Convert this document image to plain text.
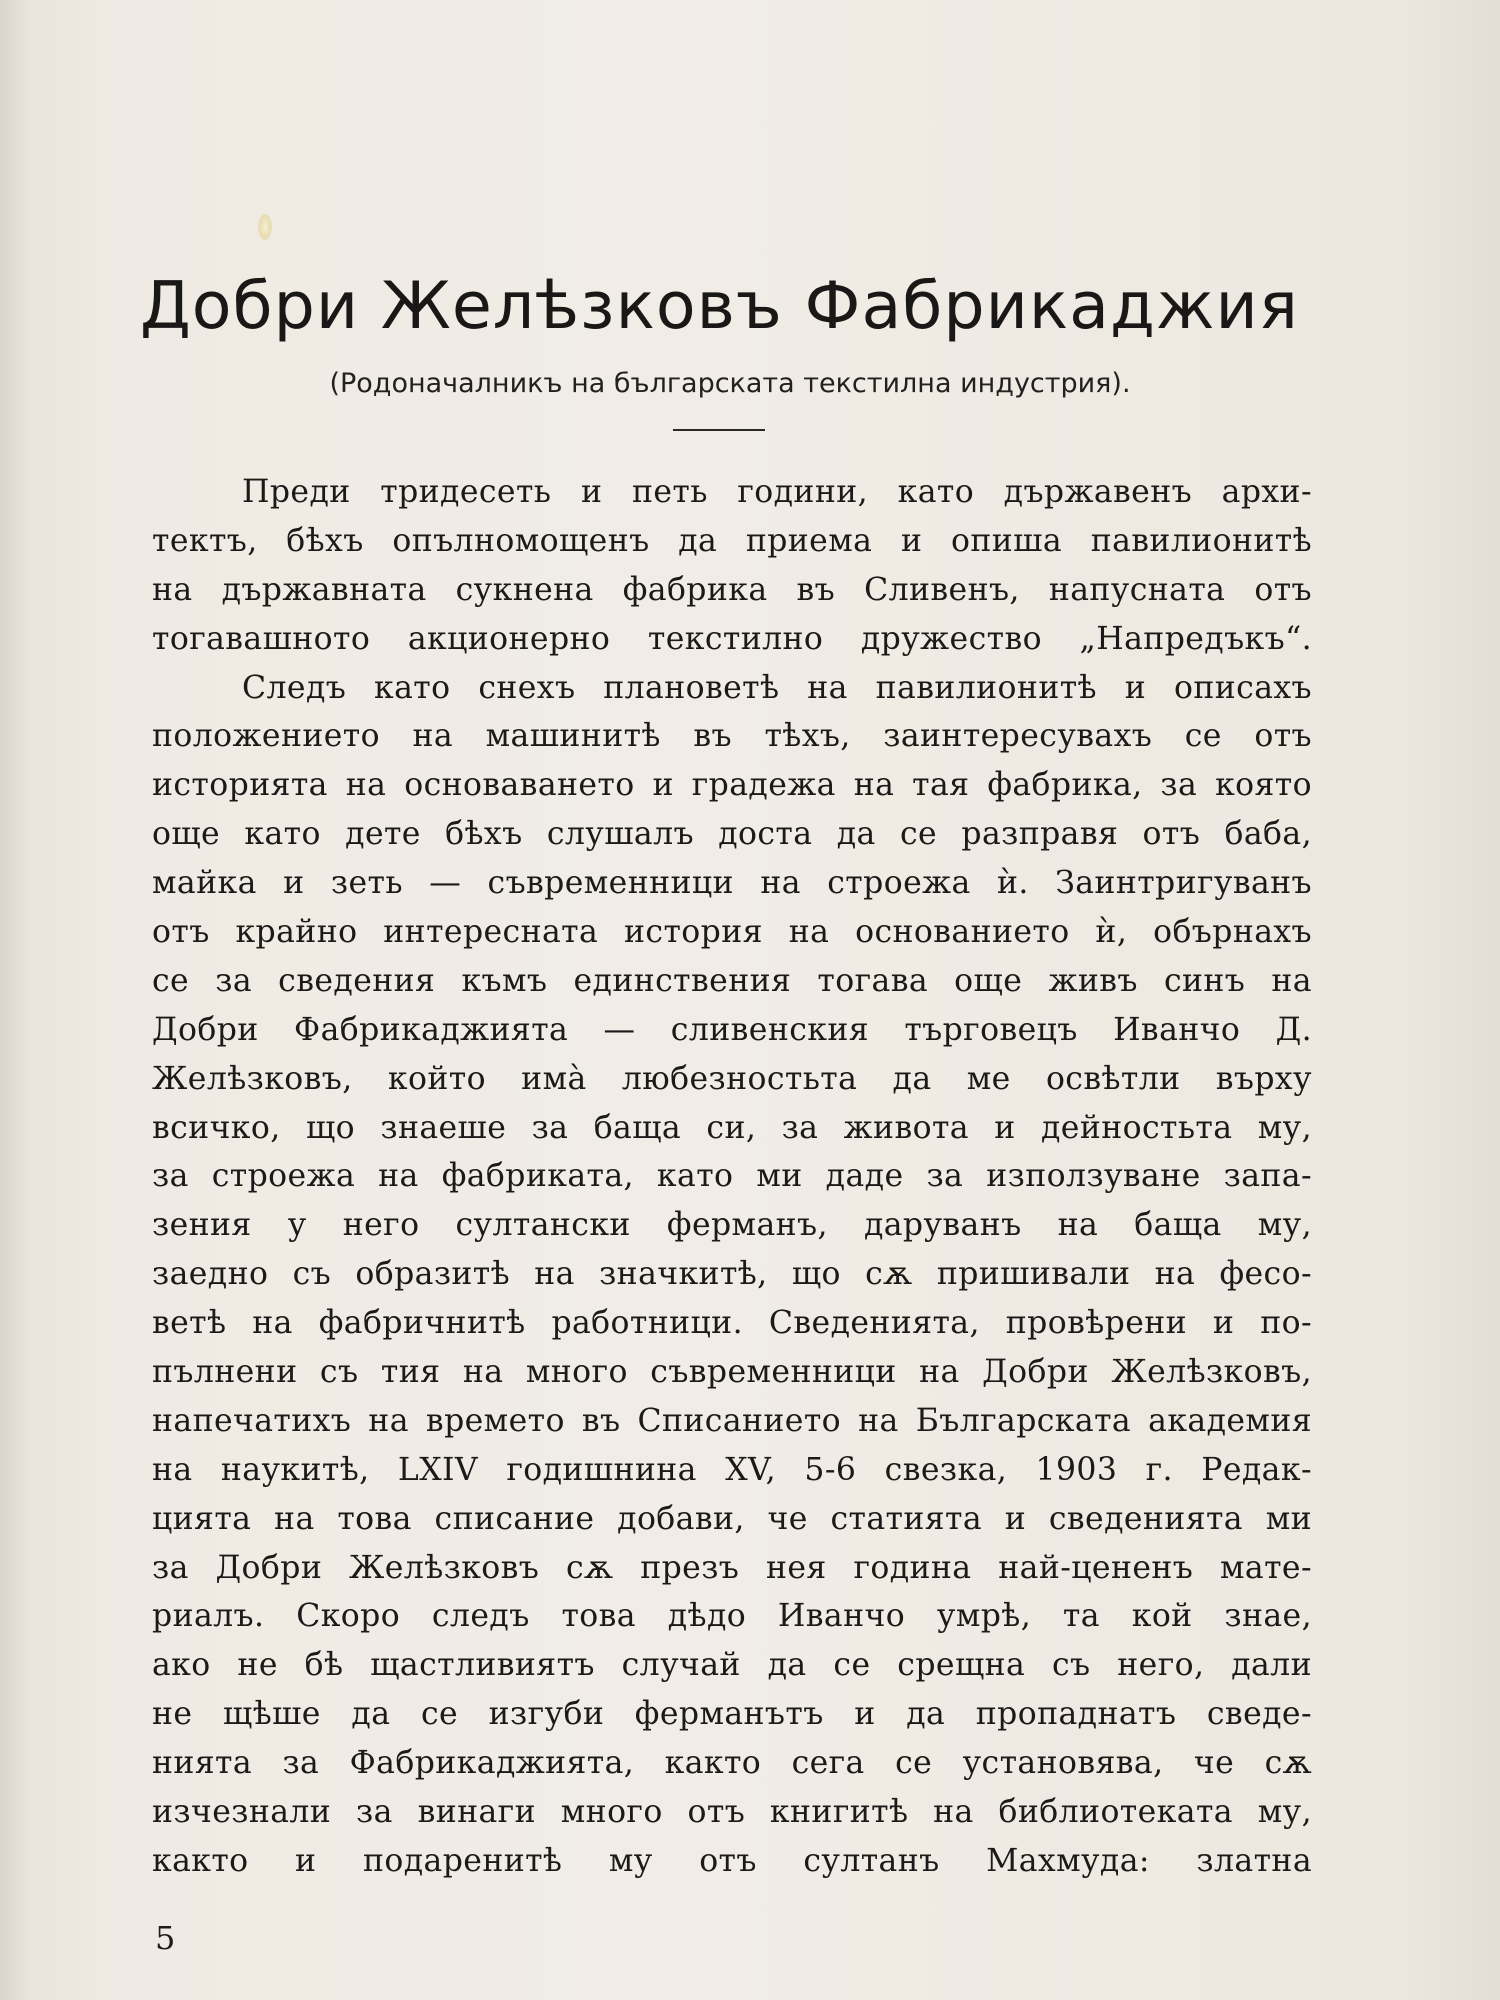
Добри Желѣзковъ Фабрикаджия

(Родоначалникъ на българската текстилна индустрия).

Преди тридесеть и петь години, като държавенъ архи-
тектъ, бѣхъ опълномощенъ да приема и опиша павилионитѣ
на държавната сукнена фабрика въ Сливенъ, напусната отъ
тогавашното акционерно текстилно дружество „Напредъкъ“.
Следъ като снехъ плановетѣ на павилионитѣ и описахъ
положението на машинитѣ въ тѣхъ, заинтересувахъ се отъ
историята на основаването и градежа на тая фабрика, за която
още като дете бѣхъ слушалъ доста да се разправя отъ баба,
майка и зеть — съвременници на строежа ѝ. Заинтригуванъ
отъ крайно интересната история на основанието ѝ, обърнахъ
се за сведения къмъ единствения тогава още живъ синъ на
Добри Фабрикаджията — сливенския търговецъ Иванчо Д.
Желѣзковъ, който имà любезностьта да ме освѣтли върху
всичко, що знаеше за баща си, за живота и дейностьта му,
за строежа на фабриката, като ми даде за използуване запа-
зения у него султански ферманъ, даруванъ на баща му,
заедно съ образитѣ на значкитѣ, що сѫ пришивали на фесо-
ветѣ на фабричнитѣ работници. Сведенията, провѣрени и по-
пълнени съ тия на много съвременници на Добри Желѣзковъ,
напечатихъ на времето въ Списанието на Българската академия
на наукитѣ, LXIV годишнина XV, 5-6 свезка, 1903 г. Редак-
цията на това списание добави, че статията и сведенията ми
за Добри Желѣзковъ сѫ презъ нея година най-цененъ мате-
риалъ. Скоро следъ това дѣдо Иванчо умрѣ, та кой знае,
ако не бѣ щастливиятъ случай да се срещна съ него, дали
не щѣше да се изгуби ферманътъ и да пропаднатъ сведе-
нията за Фабрикаджията, както сега се установява, че сѫ
изчезнали за винаги много отъ книгитѣ на библиотеката му,
както и подаренитѣ му отъ султанъ Махмуда: златна
5
